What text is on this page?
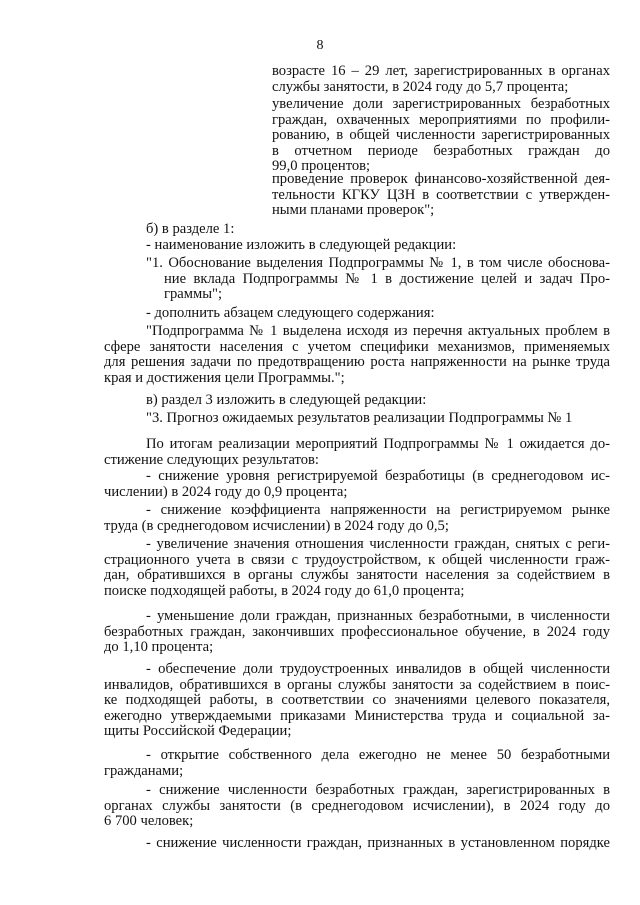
8
возрасте 16 – 29 лет, зарегистрированных в органах
службы занятости, в 2024 году до 5,7 процента;
увеличение доли зарегистрированных безработных
граждан, охваченных мероприятиями по профили-
рованию, в общей численности зарегистрированных
в отчетном периоде безработных граждан до
99,0 процентов;
проведение проверок финансово-хозяйственной дея-
тельности КГКУ ЦЗН в соответствии с утвержден-
ными планами проверок";
б) в разделе 1:
- наименование изложить в следующей редакции:
"1. Обоснование выделения Подпрограммы № 1, в том числе обоснова-
ние вклада Подпрограммы № 1 в достижение целей и задач Про-
граммы";
- дополнить абзацем следующего содержания:
"Подпрограмма № 1 выделена исходя из перечня актуальных проблем в
сфере занятости населения с учетом специфики механизмов, применяемых
для решения задачи по предотвращению роста напряженности на рынке труда
края и достижения цели Программы.";
в) раздел 3 изложить в следующей редакции:
"3. Прогноз ожидаемых результатов реализации Подпрограммы № 1
По итогам реализации мероприятий Подпрограммы № 1 ожидается до-
стижение следующих результатов:
- снижение уровня регистрируемой безработицы (в среднегодовом ис-
числении) в 2024 году до 0,9 процента;
- снижение коэффициента напряженности на регистрируемом рынке
труда (в среднегодовом исчислении) в 2024 году до 0,5;
- увеличение значения отношения численности граждан, снятых с реги-
страционного учета в связи с трудоустройством, к общей численности граж-
дан, обратившихся в органы службы занятости населения за содействием в
поиске подходящей работы, в 2024 году до 61,0 процента;
- уменьшение доли граждан, признанных безработными, в численности
безработных граждан, закончивших профессиональное обучение, в 2024 году
до 1,10 процента;
- обеспечение доли трудоустроенных инвалидов в общей численности
инвалидов, обратившихся в органы службы занятости за содействием в поис-
ке подходящей работы, в соответствии со значениями целевого показателя,
ежегодно утверждаемыми приказами Министерства труда и социальной за-
щиты Российской Федерации;
- открытие собственного дела ежегодно не менее 50 безработными
гражданами;
- снижение численности безработных граждан, зарегистрированных в
органах службы занятости (в среднегодовом исчислении), в 2024 году до
6 700 человек;
- снижение численности граждан, признанных в установленном порядке
